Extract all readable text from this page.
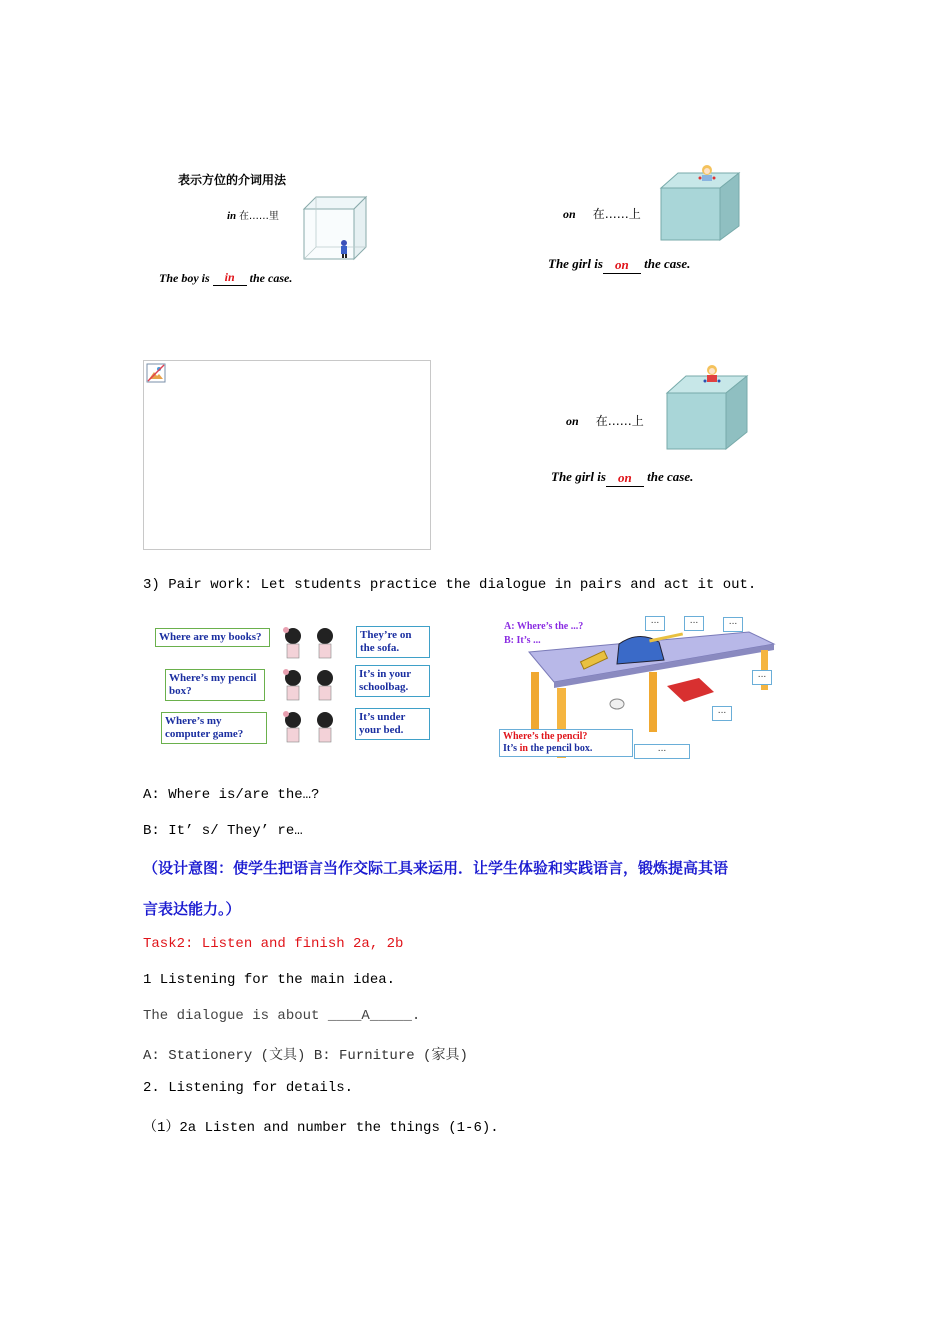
表示方位的介词用法
in 在……里
The boy is in the case.
on 在……上
The girl is on the case.
on 在……上
The girl is on the case.

3) Pair work: Let students practice the dialogue in pairs and act it out.

Where are my books?	They’re on the sofa.
Where’s my pencil box?
It’s in your schoolbag.
Where’s my computer game?
It’s under your bed.
A: Where’s the ...?
B: It’s ...
...	...	...
...
...
...
Where’s the pencil?
It’s in the pencil box.

A: Where is/are the…?

B: It’ s/ They’ re…

（设计意图：使学生把语言当作交际工具来运用．让学生体验和实践语言，锻炼提高其语

言表达能力。）

Task2: Listen and finish 2a, 2b

1 Listening for the main idea.

The dialogue is about ____A_____.

A: Stationery (文具) B: Furniture (家具)

2. Listening for details.

（1）2a Listen and number the things (1-6).
